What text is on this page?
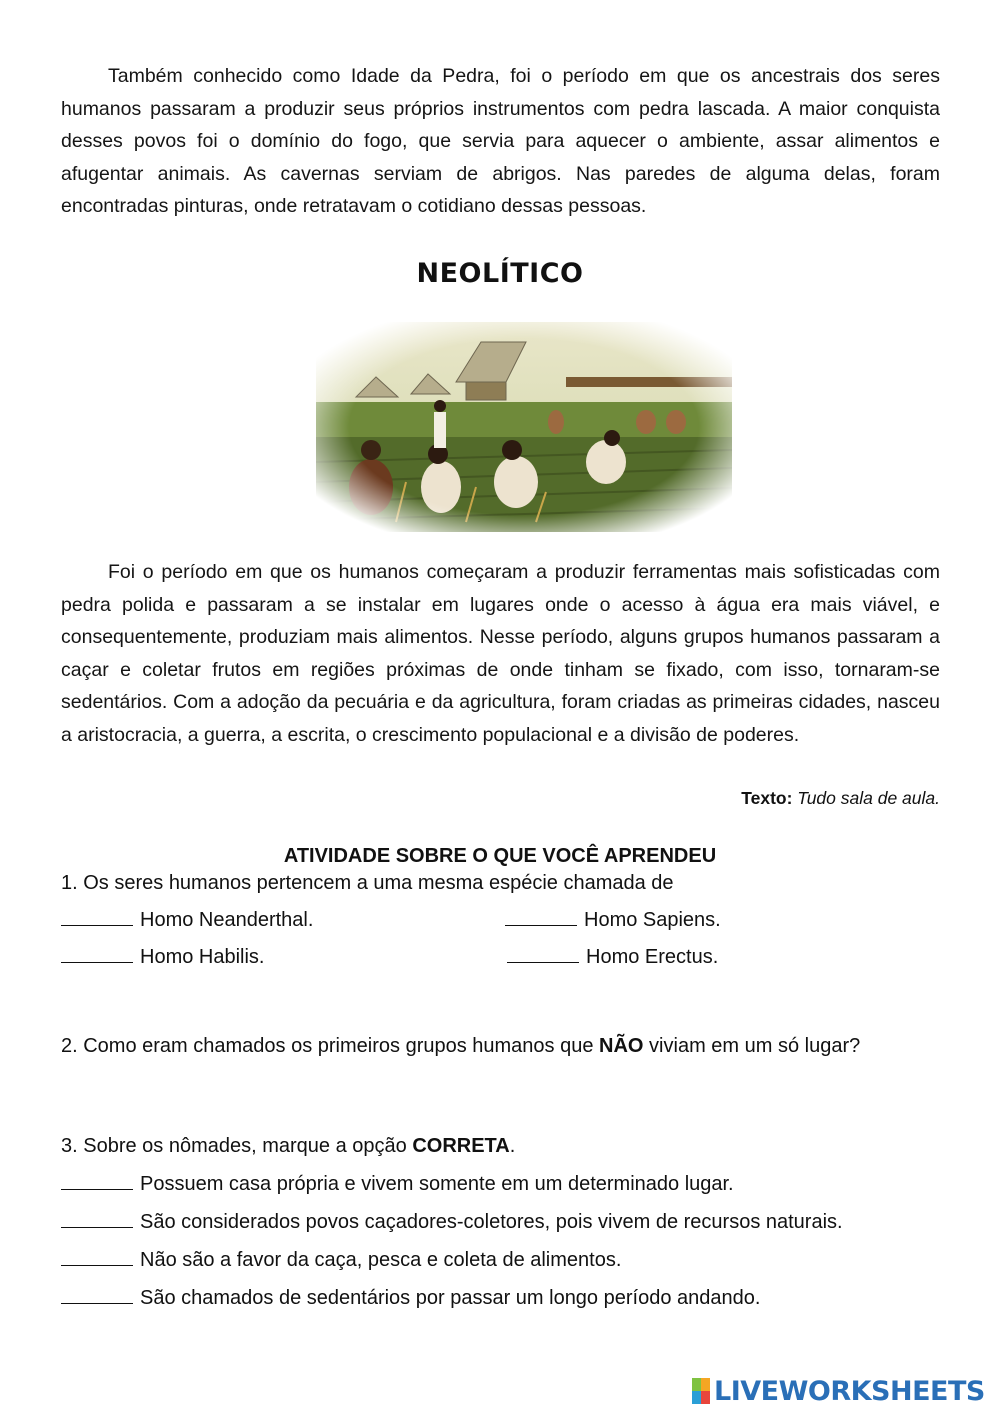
Também conhecido como Idade da Pedra, foi o período em que os ancestrais dos seres humanos passaram a produzir seus próprios instrumentos com pedra lascada. A maior conquista desses povos foi o domínio do fogo, que servia para aquecer o ambiente, assar alimentos e afugentar animais. As cavernas serviam de abrigos. Nas paredes de alguma delas, foram encontradas pinturas, onde retratavam o cotidiano dessas pessoas.

NEOLÍTICO

Foi o período em que os humanos começaram a produzir ferramentas mais sofisticadas com pedra polida e passaram a se instalar em lugares onde o acesso à água era mais viável, e consequentemente, produziam mais alimentos. Nesse período, alguns grupos humanos passaram a caçar e coletar frutos em regiões próximas de onde tinham se fixado, com isso, tornaram-se sedentários. Com a adoção da pecuária e da agricultura, foram criadas as primeiras cidades, nasceu a aristocracia, a guerra, a escrita, o crescimento populacional e a divisão de poderes.

Texto: Tudo sala de aula.
ATIVIDADE SOBRE O QUE VOCÊ APRENDEU
1. Os seres humanos pertencem a uma mesma espécie chamada de
Homo Neanderthal.	Homo Sapiens.
Homo Habilis.	Homo Erectus.
2. Como eram chamados os primeiros grupos humanos que NÃO viviam em um só lugar?
3. Sobre os nômades, marque a opção CORRETA.
Possuem casa própria e vivem somente em um determinado lugar.
São considerados povos caçadores-coletores, pois vivem de recursos naturais.
Não são a favor da caça, pesca e coleta de alimentos.
São chamados de sedentários por passar um longo período andando.
LIVEWORKSHEETS
